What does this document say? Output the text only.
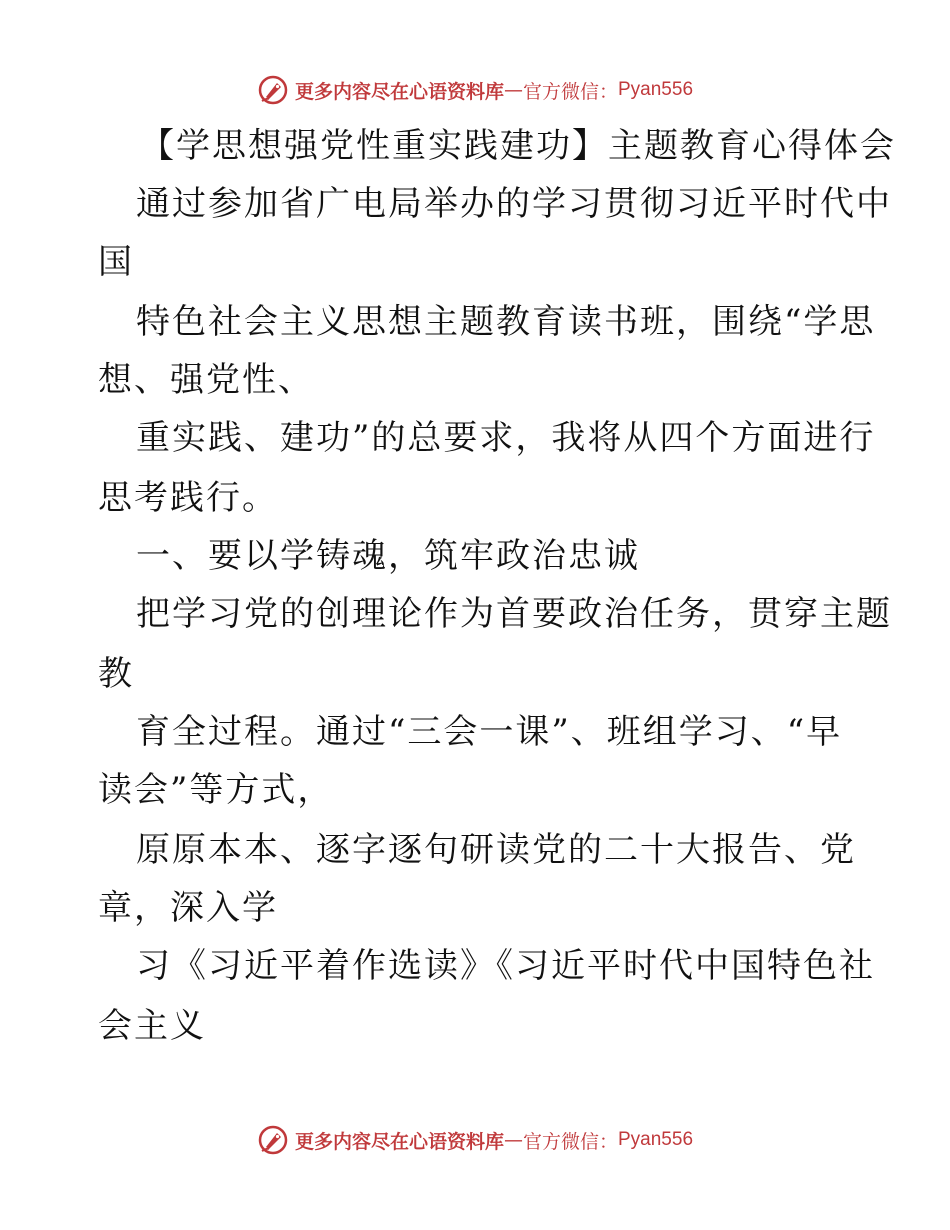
更多内容尽在心语资料库 — 官方微信： Pyan556
【学思想强党性重实践建功】主题教育心得体会
通过参加省广电局举办的学习贯彻习近平时代中
国
特色社会主义思想主题教育读书班，围绕“学思
想、强党性、
重实践、建功”的总要求，我将从四个方面进行
思考践行。
一、要以学铸魂，筑牢政治忠诚
把学习党的创理论作为首要政治任务，贯穿主题
教
育全过程。通过“三会一课”、班组学习、“早
读会”等方式，
原原本本、逐字逐句研读党的二十大报告、党
章，深入学
习《习近平着作选读》《习近平时代中国特色社
会主义
更多内容尽在心语资料库 — 官方微信： Pyan556
